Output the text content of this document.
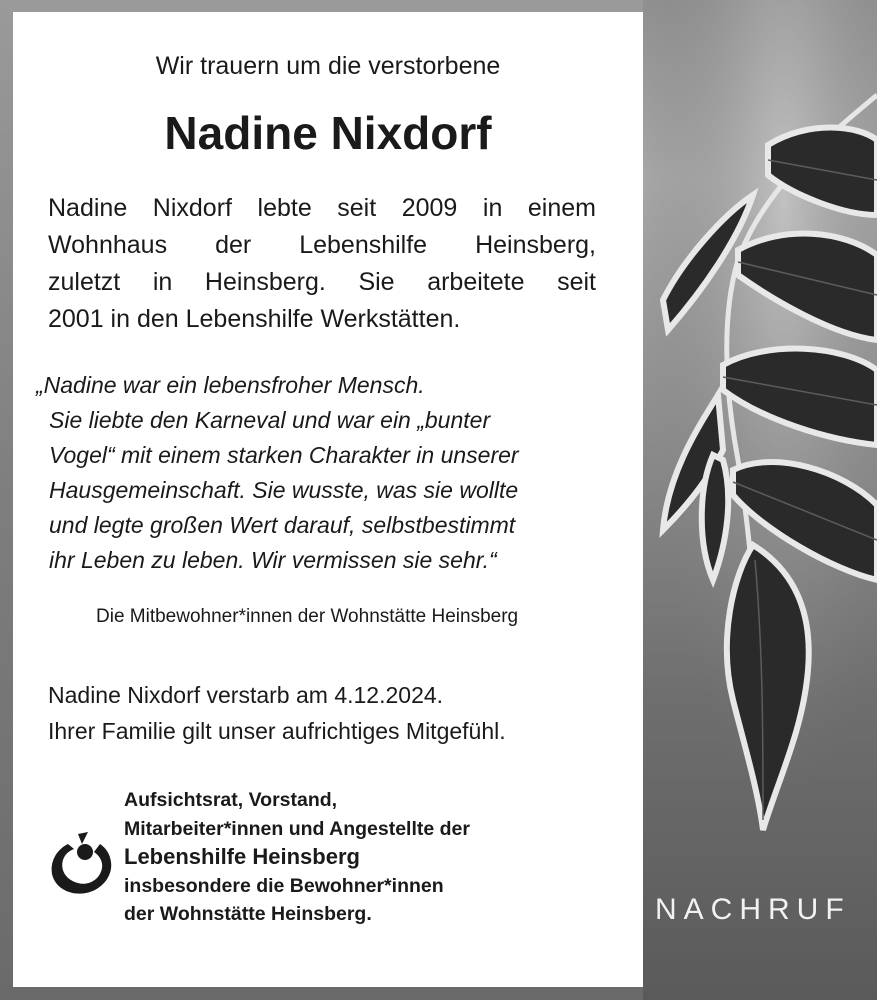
Wir trauern um die verstorbene
Nadine Nixdorf
Nadine Nixdorf lebte seit 2009 in einem
Wohnhaus der Lebenshilfe Heinsberg,
zuletzt in Heinsberg. Sie arbeitete seit
2001 in den Lebenshilfe Werkstätten.
„Nadine war ein lebensfroher Mensch.
Sie liebte den Karneval und war ein „bunter
Vogel“ mit einem starken Charakter in unserer
Hausgemeinschaft. Sie wusste, was sie wollte
und legte großen Wert darauf, selbstbestimmt
ihr Leben zu leben. Wir vermissen sie sehr.“
Die Mitbewohner*innen der Wohnstätte Heinsberg
Nadine Nixdorf verstarb am 4.12.2024.
Ihrer Familie gilt unser aufrichtiges Mitgefühl.
Aufsichtsrat, Vorstand,
Mitarbeiter*innen und Angestellte der
Lebenshilfe Heinsberg
insbesondere die Bewohner*innen
der Wohnstätte Heinsberg.	NACHRUF
